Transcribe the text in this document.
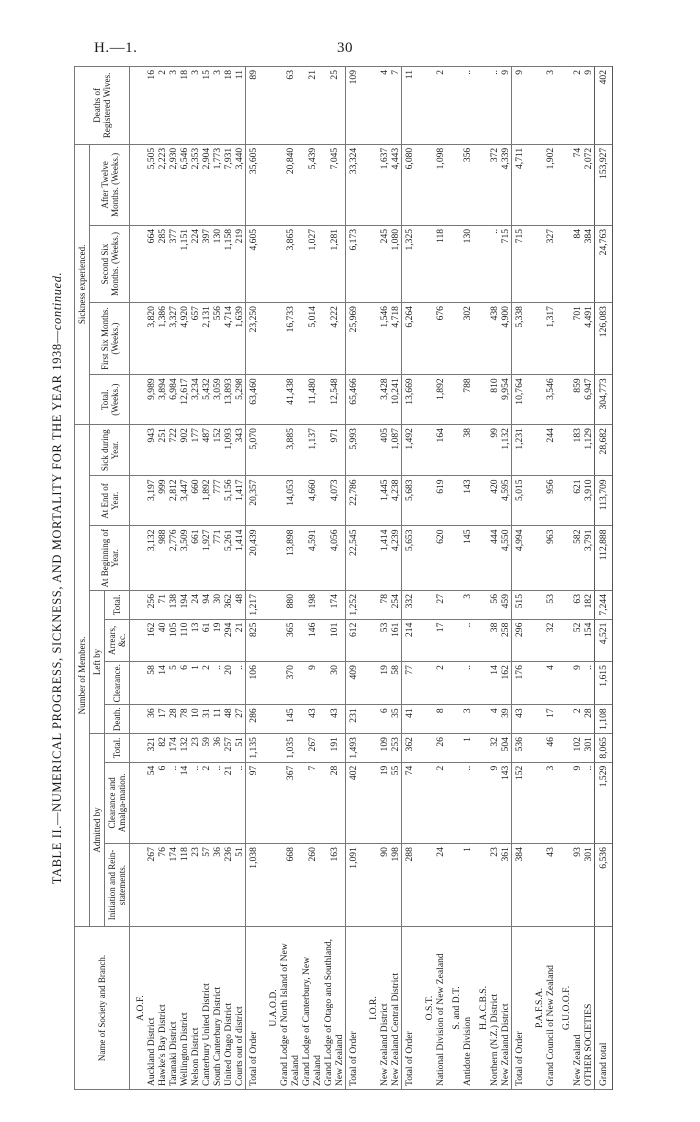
H.—1.	30
TABLE II.—NUMERICAL PROGRESS, SICKNESS, AND MORTALITY FOR THE YEAR 1938—continued.
Name of Society and Branch.	Number of Members.										Sickness experienced.				Deaths of Registered Wives.
	Admitted by			Left by				At Beginning of Year.	At End of Year.	Sick during Year.	Total. (Weeks.)	First Six Months. (Weeks.)	Second Six Months. (Weeks.)	After Twelve Months. (Weeks.)	
	Initiation and Rein-statements.	Clearance and Amalga-mation.	Total.	Death.	Clearance.	Arrears, &c.	Total.								
A.O.F.															
Auckland District	267	54	321	36	58	162	256	3,132	3,197	943	9,989	3,820	664	5,505	16
Hawke's Bay District	76	6	82	17	14	40	71	988	999	251	3,894	1,386	285	2,223	2
Taranaki District	174	..	174	28	5	105	138	2,776	2,812	722	6,984	3,327	377	2,930	3
Wellington District	118	14	132	78	6	110	194	3,509	3,447	902	12,617	4,920	1,151	6,546	18
Nelson District	23	..	23	10	1	13	24	661	660	177	3,234	657	224	2,353	3
Canterbury United District	57	2	59	31	2	61	94	1,927	1,892	487	5,432	2,131	397	2,904	15
South Canterbury District	36	..	36	11	..	19	30	771	777	152	3,059	556	130	1,773	3
United Otago District	236	21	257	48	20	294	362	5,261	5,156	1,093	13,893	4,714	1,158	7,931	18
Courts out of district	51	..	51	27	..	21	48	1,414	1,417	343	5,298	1,639	219	3,440	11
Total of Order	1,038	97	1,135	286	106	825	1,217	20,439	20,357	5,070	63,460	23,250	4,605	35,605	89
U.A.O.D.															
Grand Lodge of North Island of New Zealand	668	367	1,035	145	370	365	880	13,898	14,053	3,885	41,438	16,733	3,865	20,840	63
Grand Lodge of Canterbury, New Zealand	260	7	267	43	9	146	198	4,591	4,660	1,137	11,480	5,014	1,027	5,439	21
Grand Lodge of Otago and Southland, New Zealand	163	28	191	43	30	101	174	4,056	4,073	971	12,548	4,222	1,281	7,045	25
Total of Order	1,091	402	1,493	231	409	612	1,252	22,545	22,786	5,993	65,466	25,969	6,173	33,324	109
I.O.R.															
New Zealand District	90	19	109	6	19	53	78	1,414	1,445	405	3,428	1,546	245	1,637	4
New Zealand Central District	198	55	253	35	58	161	254	4,239	4,238	1,087	10,241	4,718	1,080	4,443	7
Total of Order	288	74	362	41	77	214	332	5,653	5,683	1,492	13,669	6,264	1,325	6,080	11
O.S.T.															
National Division of New Zealand	24	2	26	8	2	17	27	620	619	164	1,892	676	118	1,098	2
S. and D.T.															
Antidote Division	1	..	1	3	..	..	3	145	143	38	788	302	130	356	..
H.A.C.B.S.															
Northern (N.Z.) District	23	9	32	4	14	38	56	444	420	99	810	438	..	372	..
New Zealand District	361	143	504	39	162	258	459	4,550	4,595	1,132	9,954	4,900	715	4,339	9
Total of Order	384	152	536	43	176	296	515	4,994	5,015	1,231	10,764	5,338	715	4,711	9
P.A.F.S.A.															
Grand Council of New Zealand	43	3	46	17	4	32	53	963	956	244	3,546	1,317	327	1,902	3
G.U.O.O.F.															
New Zealand	93	9	102	2	9	52	63	582	621	183	859	701	84	74	2
OTHER SOCIETIES	301	..	301	28	..	154	182	3,791	3,910	1,129	6,947	4,491	384	2,072	9
Grand total	6,536	1,529	8,065	1,108	1,615	4,521	7,244	112,888	113,709	28,682	304,773	126,083	24,763	153,927	402
